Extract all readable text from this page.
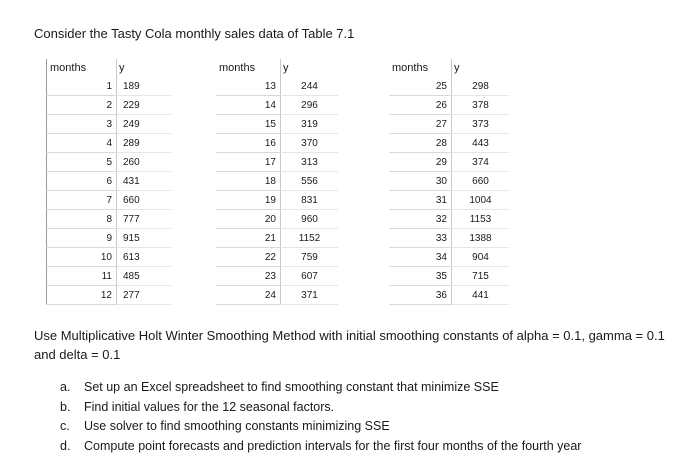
Consider the Tasty Cola monthly sales data of Table 7.1
months	y
1	189
2	229
3	249
4	289
5	260
6	431
7	660
8	777
9	915
10	613
11	485
12	277
months	y
13	244
14	296
15	319
16	370
17	313
18	556
19	831
20	960
21	1152
22	759
23	607
24	371
months	y
25	298
26	378
27	373
28	443
29	374
30	660
31	1004
32	1153
33	1388
34	904
35	715
36	441
Use Multiplicative Holt Winter Smoothing Method with initial smoothing constants of alpha = 0.1, gamma = 0.1 and delta = 0.1
a.	Set up an Excel spreadsheet to find smoothing constant that minimize SSE
b.	Find initial values for the 12 seasonal factors.
c.	Use solver to find smoothing constants minimizing SSE
d.	Compute point forecasts and prediction intervals for the first four months of the fourth year
